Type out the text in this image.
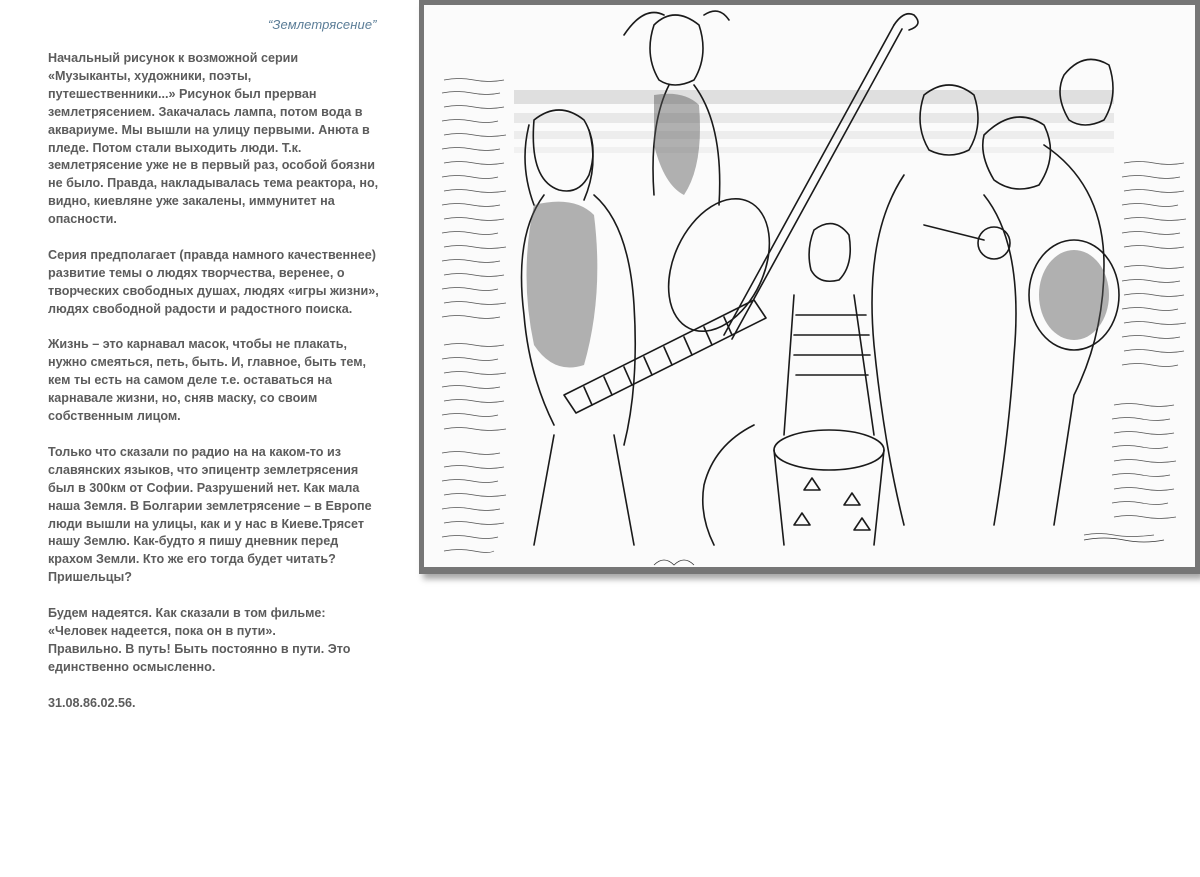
“Землетрясение”

Начальный рисунок к возможной серии
«Музыканты, художники, поэты,
путешественники...» Рисунок был прерван
землетрясением. Закачалась лампа, потом вода в
аквариуме. Мы вышли на улицу первыми. Анюта в
пледе. Потом стали выходить люди. Т.к.
землетрясение уже не в первый раз, особой боязни
не было. Правда, накладывалась тема реактора, но,
видно, киевляне уже закалены, иммунитет на
опасности.

Серия предполагает (правда намного качественнее)
развитие темы о людях творчества, веренее, о
творческих свободных душах, людях «игры жизни»,
людях свободной радости и радостного поиска.

Жизнь – это карнавал масок, чтобы не плакать,
нужно смеяться, петь, быть. И, главное, быть тем,
кем ты есть на самом деле т.е. оставаться на
карнавале жизни, но, сняв маску, со своим
собственным лицом.

Только что сказали по радио на на каком-то из
славянских языков, что эпицентр землетрясения
был в 300км от Софии. Разрушений нет. Как мала
наша Земля. В Болгарии землетрясение – в Европе
люди вышли на улицы, как и у нас в Киеве.Трясет
нашу Землю. Как-будто я пишу дневник перед
крахом Земли. Кто же его тогда будет читать?
Пришельцы?

Будем надеятся. Как сказали в том фильме:
«Человек надеется, пока он в пути».
Правильно. В путь! Быть постоянно в пути. Это
единственно осмысленно.

31.08.86.02.56.
